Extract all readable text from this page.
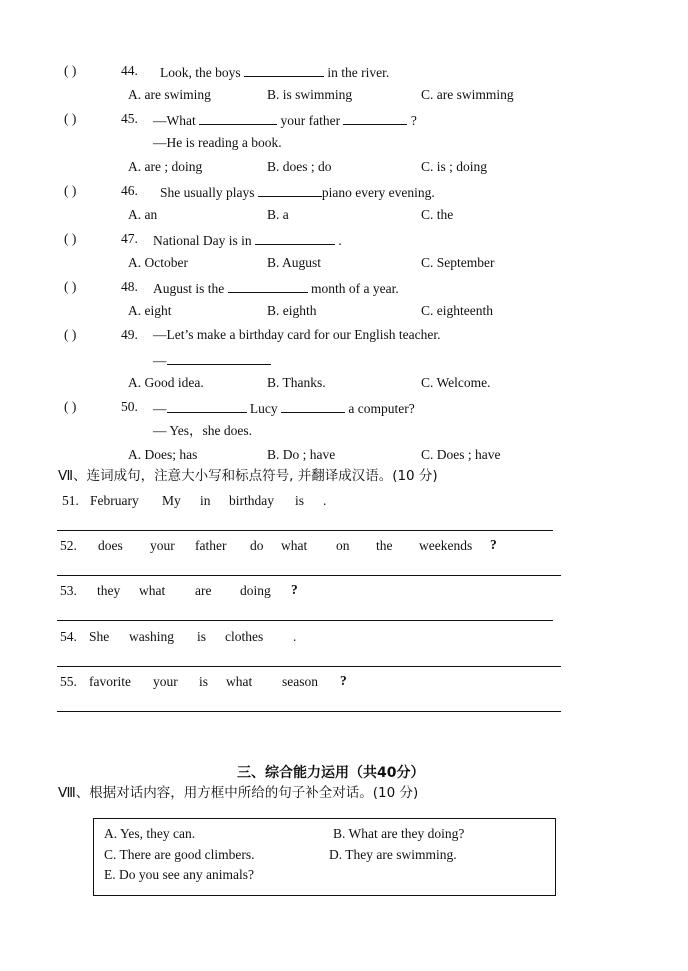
( )	44. Look, the boys	in the river.
A. are swiming	B. is swimming	C. are swimming
( )	45. —What	your father	?
—He is reading a book.
A. are ; doing	B. does ; do	C. is ; doing
( )	46. She usually plays	piano every evening.
A. an	B. a	C. the
( )	47. National Day is in	.
A. October	B. August	C. September
( )	48. August is the	month of a year.
A. eight	B. eighth	C. eighteenth
( )	49. —Let’s make a birthday card for our English teacher.
—
A. Good idea.	B. Thanks.	C. Welcome.
( )	50. —	Lucy	a computer?
— Yes，she does.
A. Does; has	B. Do ; have	C. Does ; have
Ⅶ、连词成句，注意大小写和标点符号, 并翻译成汉语。(10 分)
51. February My in birthday is .
52. does your father do what on the weekends ?
53. they what are doing ?
54. She washing is clothes .
55. favorite your is what season ?
三、综合能力运用（共40分）
Ⅷ、根据对话内容，用方框中所给的句子补全对话。(10 分)
A. Yes, they can.	B. What are they doing?
C. There are good climbers.	D. They are swimming.
E. Do you see any animals?
